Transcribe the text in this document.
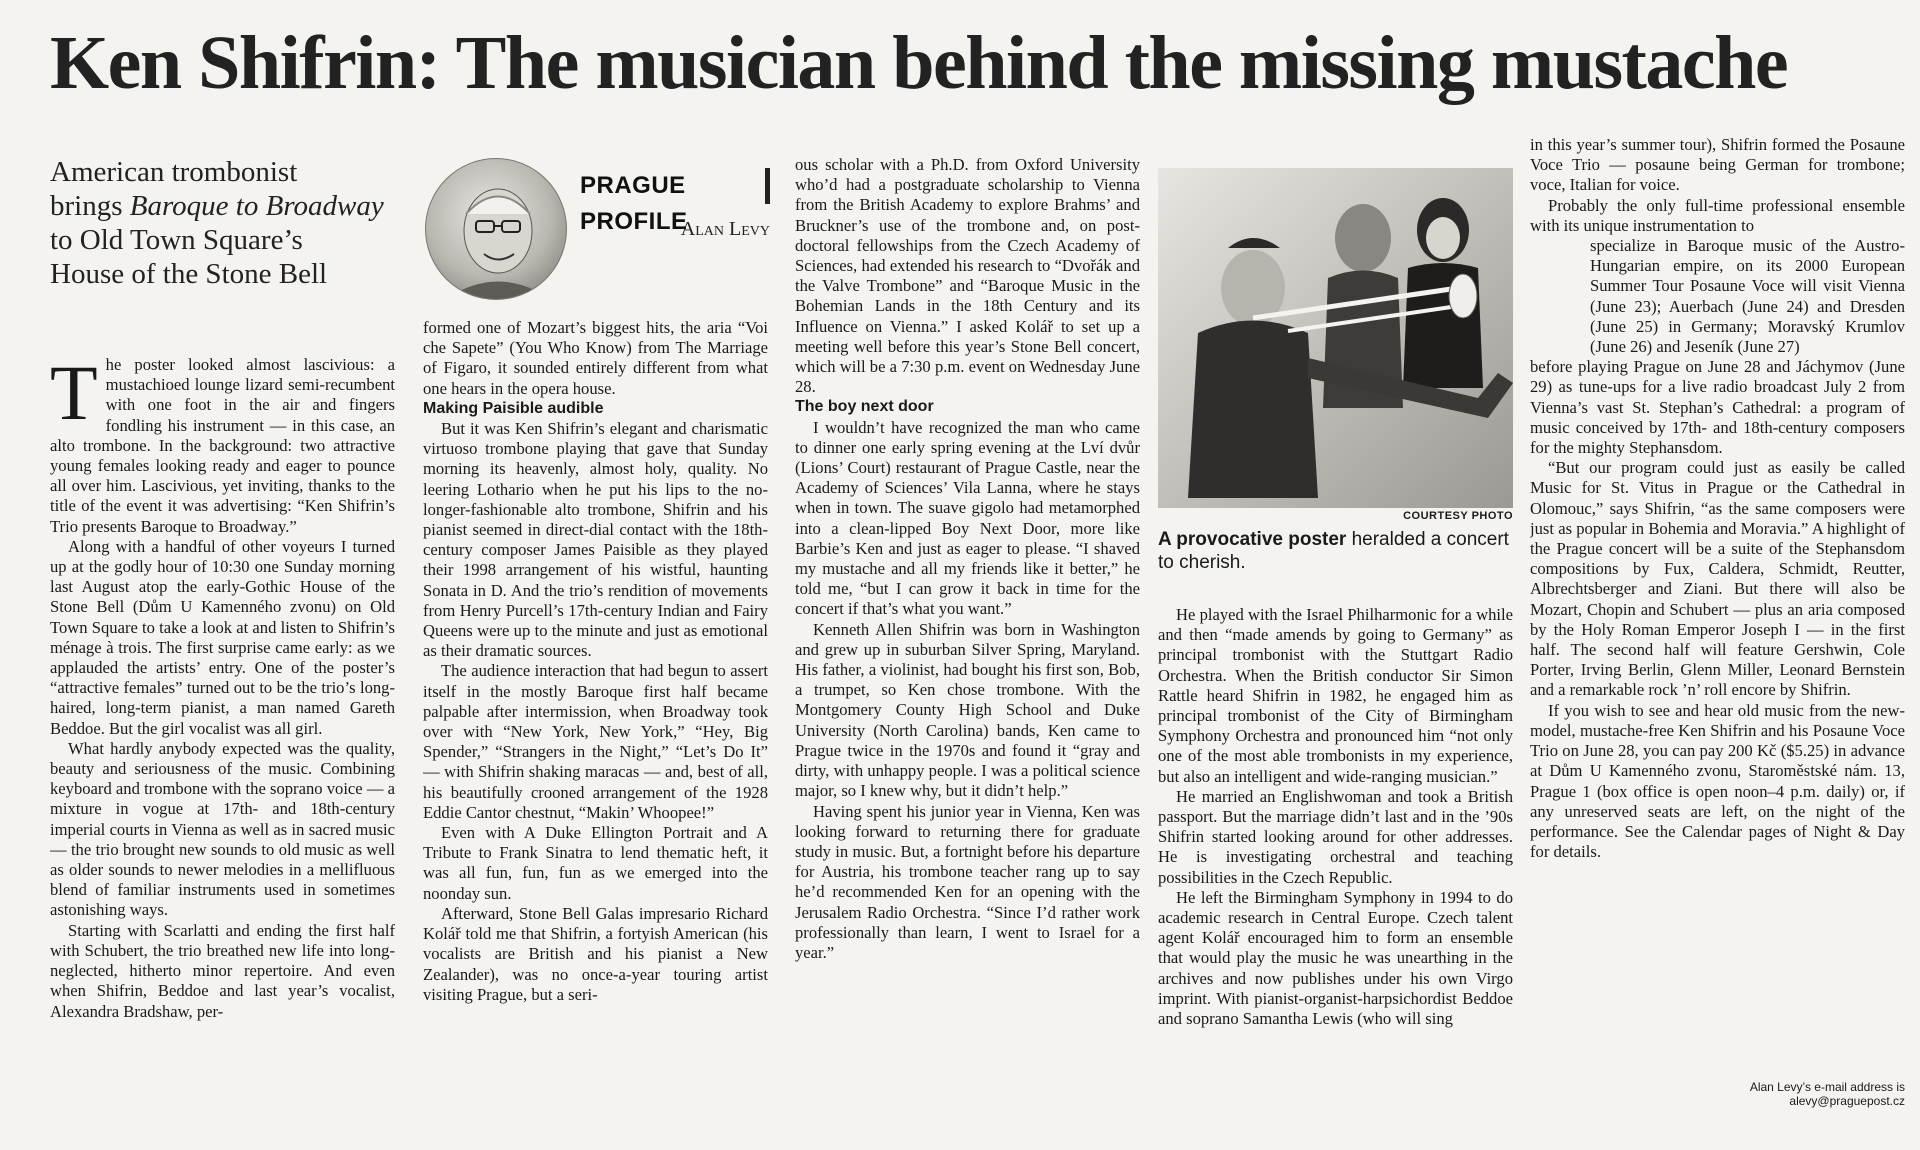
Ken Shifrin: The musician behind the missing mustache
American trombonist
brings Baroque to Broadway
to Old Town Square’s
House of the Stone Bell
PRAGUE PROFILE
Alan Levy

The poster looked almost lascivious: a mustachioed lounge lizard semi-recumbent with one foot in the air and fingers fondling his instrument — in this case, an alto trombone. In the background: two attractive young females looking ready and eager to pounce all over him. Lascivious, yet inviting, thanks to the title of the event it was advertising: “Ken Shifrin’s Trio presents Baroque to Broadway.”

Along with a handful of other voyeurs I turned up at the godly hour of 10:30 one Sunday morning last August atop the early-Gothic House of the Stone Bell (Dům U Kamenného zvonu) on Old Town Square to take a look at and listen to Shifrin’s ménage à trois. The first surprise came early: as we applauded the artists’ entry. One of the poster’s “attractive females” turned out to be the trio’s long-haired, long-term pianist, a man named Gareth Beddoe. But the girl vocalist was all girl.

What hardly anybody expected was the quality, beauty and seriousness of the music. Combining keyboard and trombone with the soprano voice — a mixture in vogue at 17th- and 18th-century imperial courts in Vienna as well as in sacred music — the trio brought new sounds to old music as well as older sounds to newer melodies in a mellifluous blend of familiar instruments used in sometimes astonishing ways.

Starting with Scarlatti and ending the first half with Schubert, the trio breathed new life into long-neglected, hitherto minor repertoire. And even when Shifrin, Beddoe and last year’s vocalist, Alexandra Bradshaw, per-

formed one of Mozart’s biggest hits, the aria “Voi che Sapete” (You Who Know) from The Marriage of Figaro, it sounded entirely different from what one hears in the opera house.

Making Paisible audible

But it was Ken Shifrin’s elegant and charismatic virtuoso trombone playing that gave that Sunday morning its heavenly, almost holy, quality. No leering Lothario when he put his lips to the no-longer-fashionable alto trombone, Shifrin and his pianist seemed in direct-dial contact with the 18th-century composer James Paisible as they played their 1998 arrangement of his wistful, haunting Sonata in D. And the trio’s rendition of movements from Henry Purcell’s 17th-century Indian and Fairy Queens were up to the minute and just as emotional as their dramatic sources.

The audience interaction that had begun to assert itself in the mostly Baroque first half became palpable after intermission, when Broadway took over with “New York, New York,” “Hey, Big Spender,” “Strangers in the Night,” “Let’s Do It” — with Shifrin shaking maracas — and, best of all, his beautifully crooned arrangement of the 1928 Eddie Cantor chestnut, “Makin’ Whoopee!”

Even with A Duke Ellington Portrait and A Tribute to Frank Sinatra to lend thematic heft, it was all fun, fun, fun as we emerged into the noonday sun.

Afterward, Stone Bell Galas impresario Richard Kolář told me that Shifrin, a fortyish American (his vocalists are British and his pianist a New Zealander), was no once-a-year touring artist visiting Prague, but a seri-

ous scholar with a Ph.D. from Oxford University who’d had a postgraduate scholarship to Vienna from the British Academy to explore Brahms’ and Bruckner’s use of the trombone and, on post-doctoral fellowships from the Czech Academy of Sciences, had extended his research to “Dvořák and the Valve Trombone” and “Baroque Music in the Bohemian Lands in the 18th Century and its Influence on Vienna.” I asked Kolář to set up a meeting well before this year’s Stone Bell concert, which will be a 7:30 p.m. event on Wednesday June 28.

The boy next door

I wouldn’t have recognized the man who came to dinner one early spring evening at the Lví dvůr (Lions’ Court) restaurant of Prague Castle, near the Academy of Sciences’ Vila Lanna, where he stays when in town. The suave gigolo had metamorphed into a clean-lipped Boy Next Door, more like Barbie’s Ken and just as eager to please. “I shaved my mustache and all my friends like it better,” he told me, “but I can grow it back in time for the concert if that’s what you want.”

Kenneth Allen Shifrin was born in Washington and grew up in suburban Silver Spring, Maryland. His father, a violinist, had bought his first son, Bob, a trumpet, so Ken chose trombone. With the Montgomery County High School and Duke University (North Carolina) bands, Ken came to Prague twice in the 1970s and found it “gray and dirty, with unhappy people. I was a political science major, so I knew why, but it didn’t help.”

Having spent his junior year in Vienna, Ken was looking forward to returning there for graduate study in music. But, a fortnight before his departure for Austria, his trombone teacher rang up to say he’d recommended Ken for an opening with the Jerusalem Radio Orchestra. “Since I’d rather work professionally than learn, I went to Israel for a year.”

COURTESY PHOTO
A provocative poster heralded a concert to cherish.

He played with the Israel Philharmonic for a while and then “made amends by going to Germany” as principal trombonist with the Stuttgart Radio Orchestra. When the British conductor Sir Simon Rattle heard Shifrin in 1982, he engaged him as principal trombonist of the City of Birmingham Symphony Orchestra and pronounced him “not only one of the most able trombonists in my experience, but also an intelligent and wide-ranging musician.”

He married an Englishwoman and took a British passport. But the marriage didn’t last and in the ’90s Shifrin started looking around for other addresses. He is investigating orchestral and teaching possibilities in the Czech Republic.

He left the Birmingham Symphony in 1994 to do academic research in Central Europe. Czech talent agent Kolář encouraged him to form an ensemble that would play the music he was unearthing in the archives and now publishes under his own Virgo imprint. With pianist-organist-harpsichordist Beddoe and soprano Samantha Lewis (who will sing

in this year’s summer tour), Shifrin formed the Posaune Voce Trio — posaune being German for trombone; voce, Italian for voice.

Probably the only full-time professional ensemble with its unique instrumentation to

specialize in Baroque music of the Austro-Hungarian empire, on its 2000 European Summer Tour Posaune Voce will visit Vienna (June 23); Auerbach (June 24) and Dresden (June 25) in Germany; Moravský Krumlov (June 26) and Jeseník (June 27)

before playing Prague on June 28 and Jáchymov (June 29) as tune-ups for a live radio broadcast July 2 from Vienna’s vast St. Stephan’s Cathedral: a program of music conceived by 17th- and 18th-century composers for the mighty Stephansdom.

“But our program could just as easily be called Music for St. Vitus in Prague or the Cathedral in Olomouc,” says Shifrin, “as the same composers were just as popular in Bohemia and Moravia.” A highlight of the Prague concert will be a suite of the Stephansdom compositions by Fux, Caldera, Schmidt, Reutter, Albrechtsberger and Ziani. But there will also be Mozart, Chopin and Schubert — plus an aria composed by the Holy Roman Emperor Joseph I — in the first half. The second half will feature Gershwin, Cole Porter, Irving Berlin, Glenn Miller, Leonard Bernstein and a remarkable rock ’n’ roll encore by Shifrin.

If you wish to see and hear old music from the new-model, mustache-free Ken Shifrin and his Posaune Voce Trio on June 28, you can pay 200 Kč ($5.25) in advance at Dům U Kamenného zvonu, Staroměstské nám. 13, Prague 1 (box office is open noon–4 p.m. daily) or, if any unreserved seats are left, on the night of the performance. See the Calendar pages of Night & Day for details.

Alan Levy’s e-mail address is
alevy@praguepost.cz
